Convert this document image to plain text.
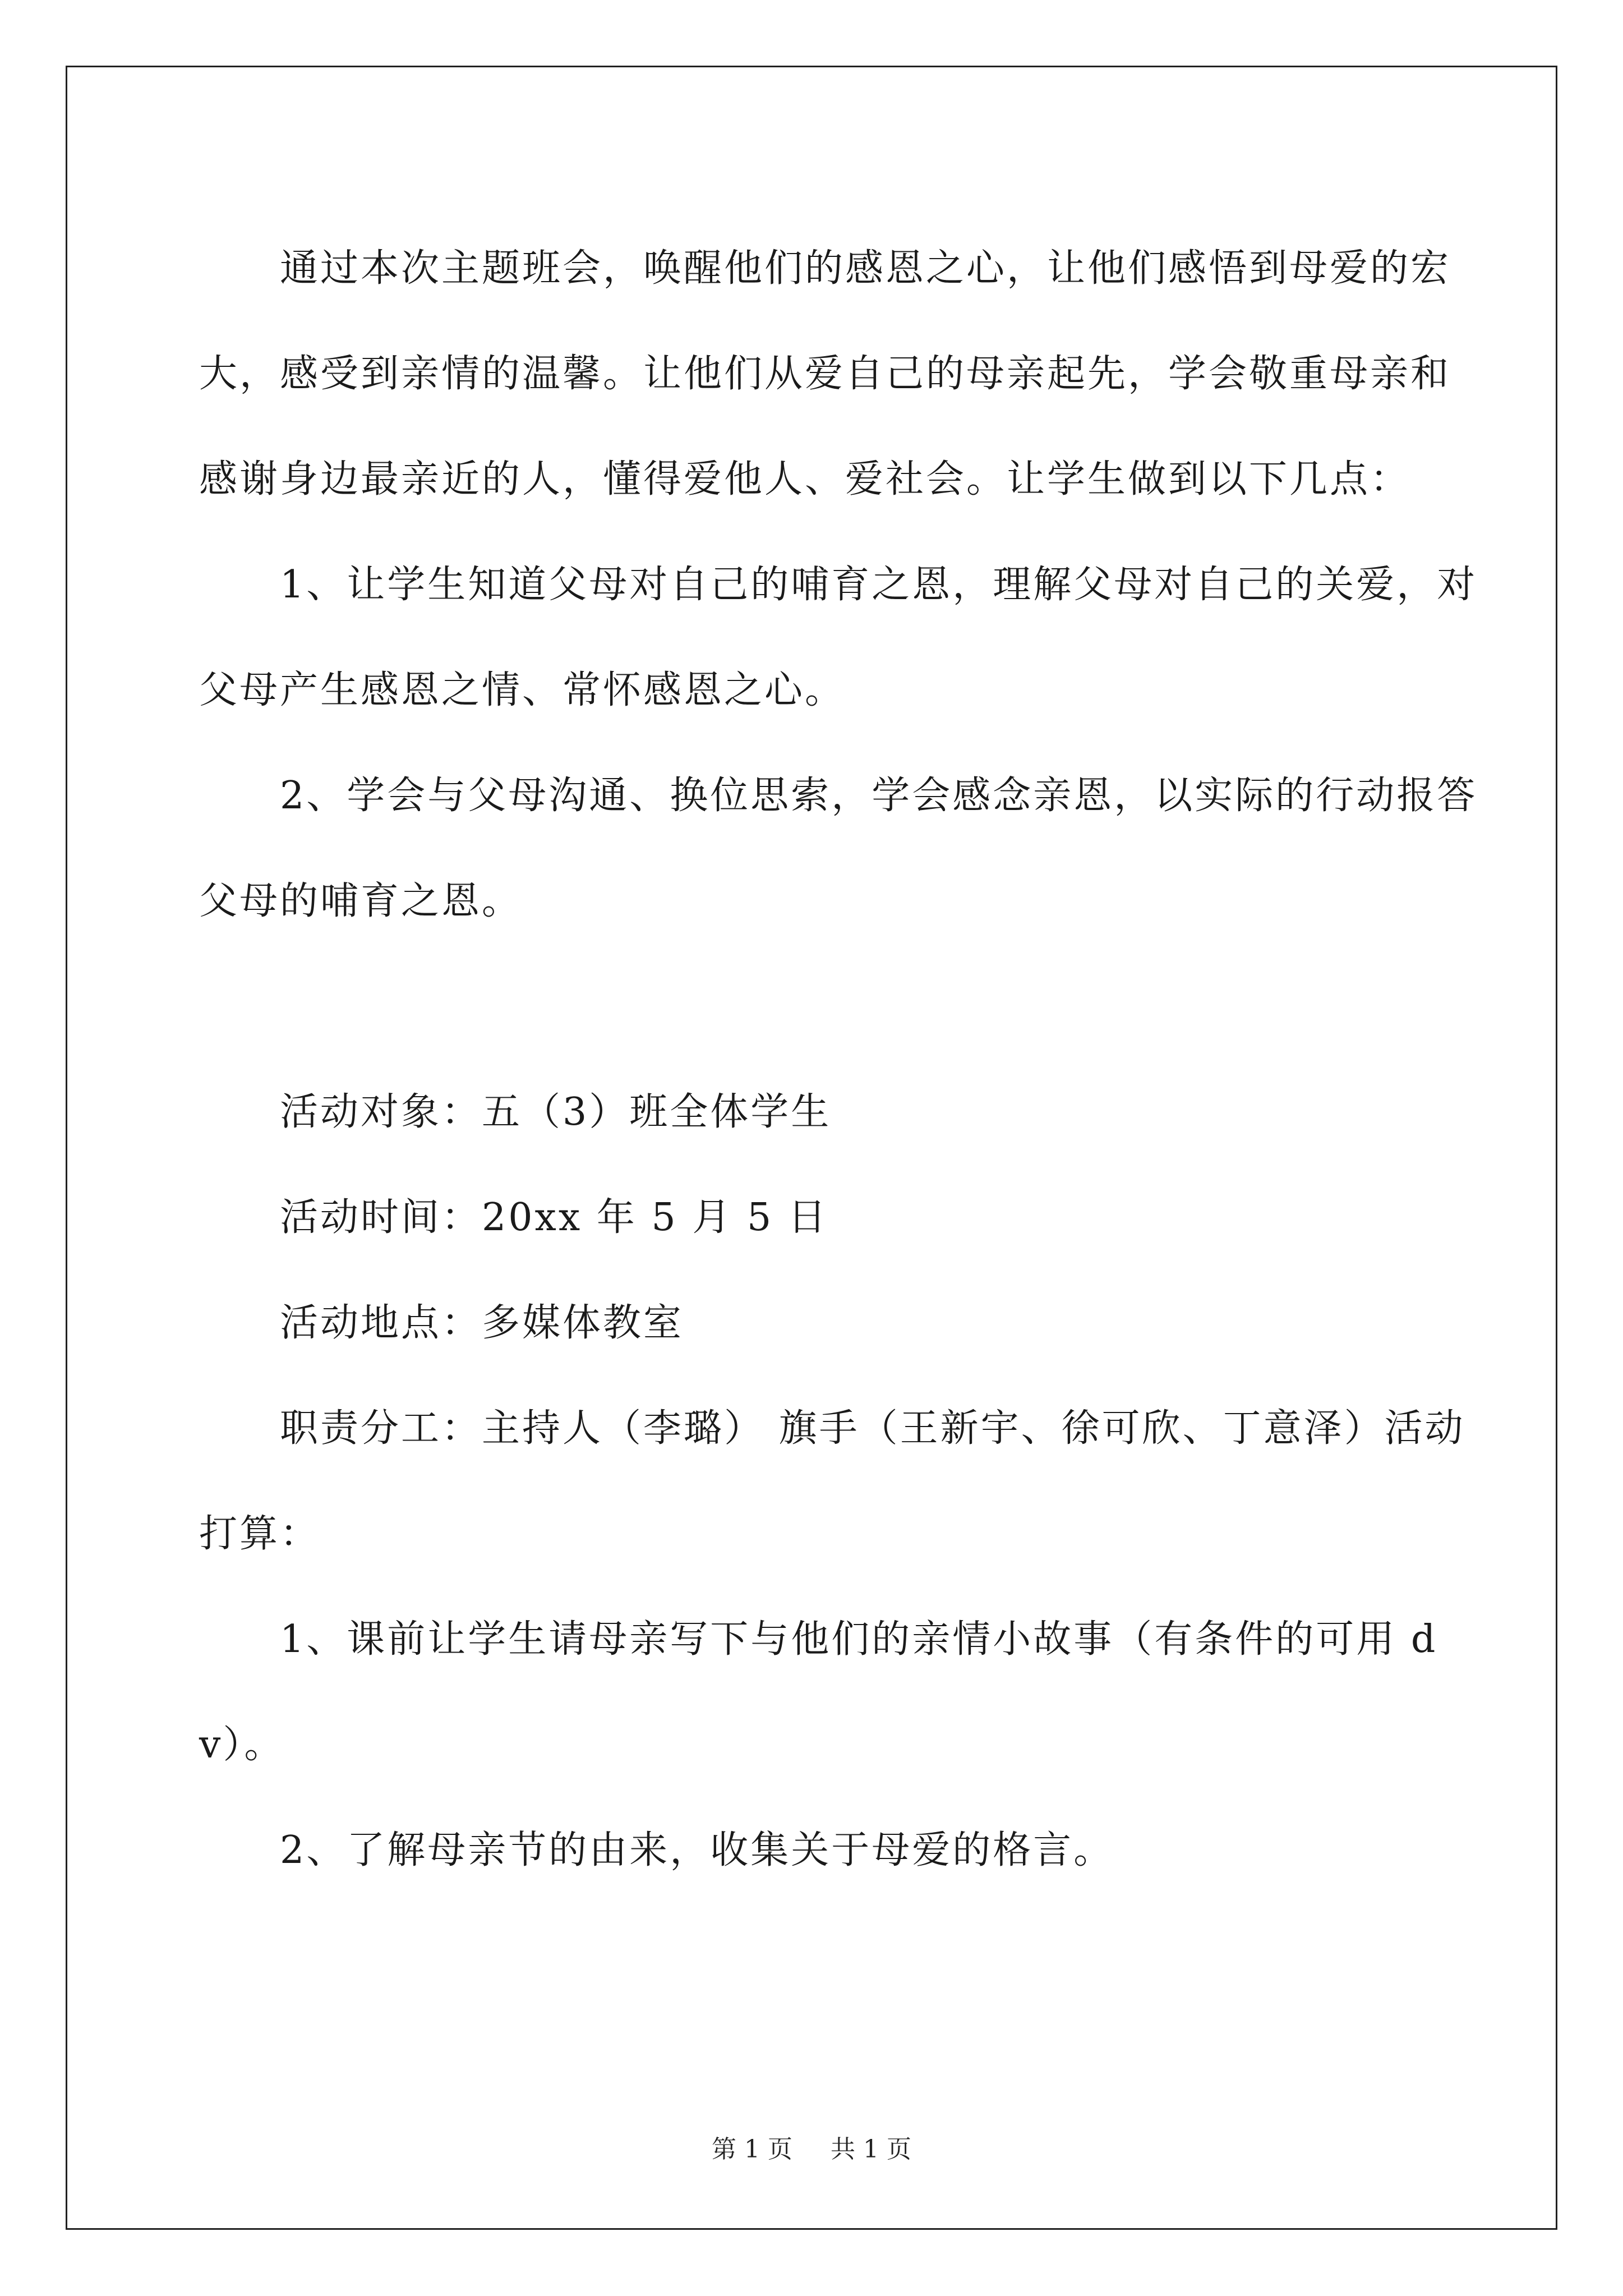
通过本次主题班会，唤醒他们的感恩之心，让他们感悟到母爱的宏大，感受到亲情的温馨。让他们从爱自己的母亲起先，学会敬重母亲和感谢身边最亲近的人，懂得爱他人、爱社会。让学生做到以下几点：

1、让学生知道父母对自己的哺育之恩，理解父母对自己的关爱，对父母产生感恩之情、常怀感恩之心。

2、学会与父母沟通、换位思索，学会感念亲恩，以实际的行动报答父母的哺育之恩。

活动对象：五（3）班全体学生

活动时间：20xx 年 5 月 5 日

活动地点：多媒体教室

职责分工：主持人（李璐） 旗手（王新宇、徐可欣、丁意泽）活动打算：

1、课前让学生请母亲写下与他们的亲情小故事（有条件的可用 dv）。

2、了解母亲节的由来，收集关于母爱的格言。

第 1 页 共 1 页
